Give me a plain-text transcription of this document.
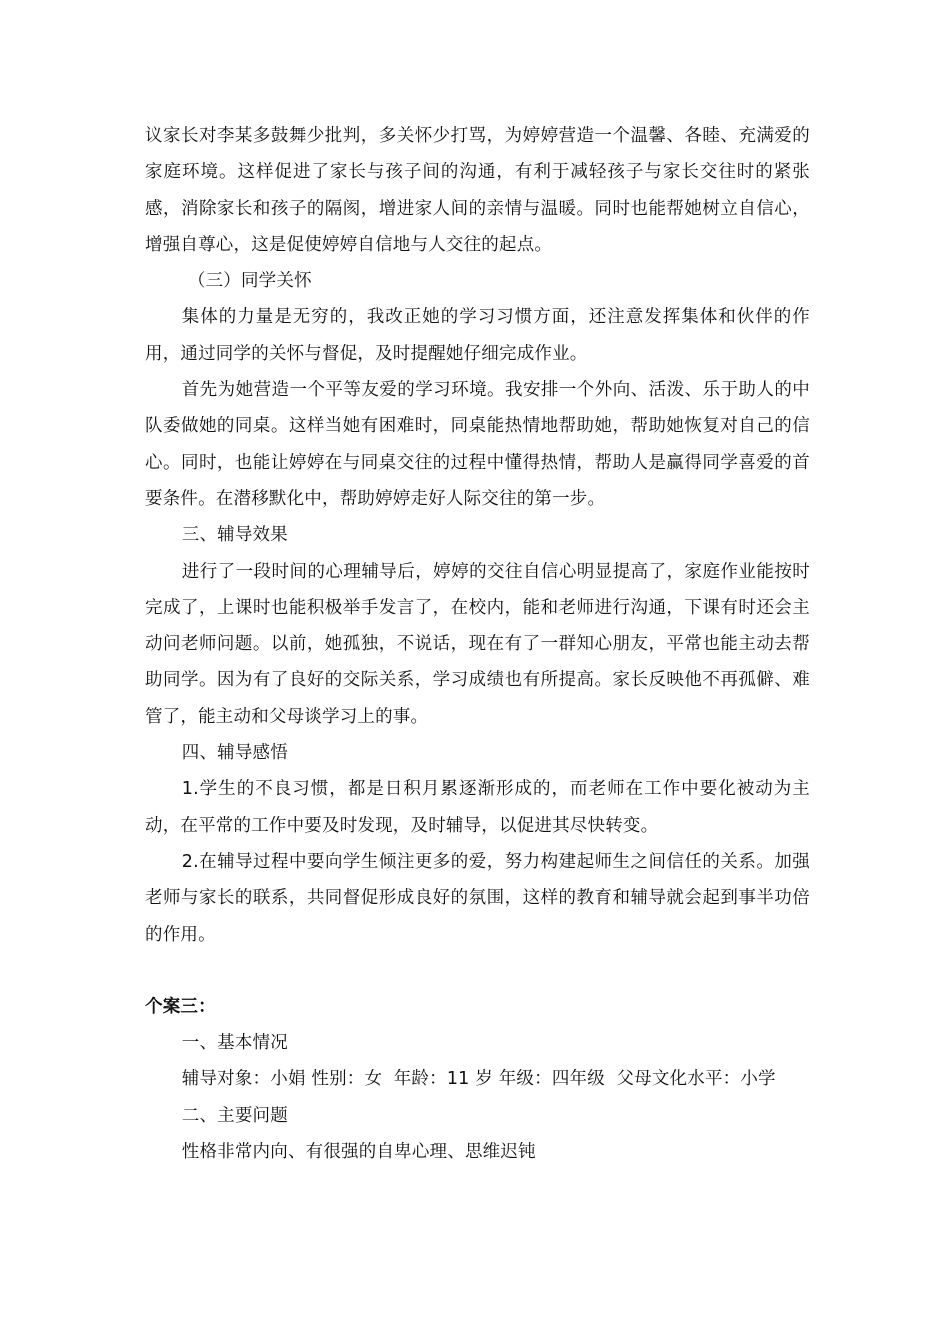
议家长对李某多鼓舞少批判，多关怀少打骂，为婷婷营造一个温馨、各睦、充满爱的家庭环境。这样促进了家长与孩子间的沟通，有利于减轻孩子与家长交往时的紧张感，消除家长和孩子的隔阂，增进家人间的亲情与温暖。同时也能帮她树立自信心，增强自尊心，这是促使婷婷自信地与人交往的起点。

（三）同学关怀

集体的力量是无穷的，我改正她的学习习惯方面，还注意发挥集体和伙伴的作用，通过同学的关怀与督促，及时提醒她仔细完成作业。

首先为她营造一个平等友爱的学习环境。我安排一个外向、活泼、乐于助人的中队委做她的同桌。这样当她有困难时，同桌能热情地帮助她，帮助她恢复对自己的信心。同时，也能让婷婷在与同桌交往的过程中懂得热情，帮助人是赢得同学喜爱的首要条件。在潜移默化中，帮助婷婷走好人际交往的第一步。

三、辅导效果

进行了一段时间的心理辅导后，婷婷的交往自信心明显提高了，家庭作业能按时完成了，上课时也能积极举手发言了，在校内，能和老师进行沟通，下课有时还会主动问老师问题。以前，她孤独，不说话，现在有了一群知心朋友，平常也能主动去帮助同学。因为有了良好的交际关系，学习成绩也有所提高。家长反映他不再孤僻、难管了，能主动和父母谈学习上的事。

四、辅导感悟

1.学生的不良习惯，都是日积月累逐渐形成的，而老师在工作中要化被动为主动，在平常的工作中要及时发现，及时辅导，以促进其尽快转变。

2.在辅导过程中要向学生倾注更多的爱，努力构建起师生之间信任的关系。加强老师与家长的联系，共同督促形成良好的氛围，这样的教育和辅导就会起到事半功倍的作用。

个案三：

一、基本情况

辅导对象：小娟 性别：女  年龄：11 岁 年级：四年级  父母文化水平：小学

二、主要问题

性格非常内向、有很强的自卑心理、思维迟钝
